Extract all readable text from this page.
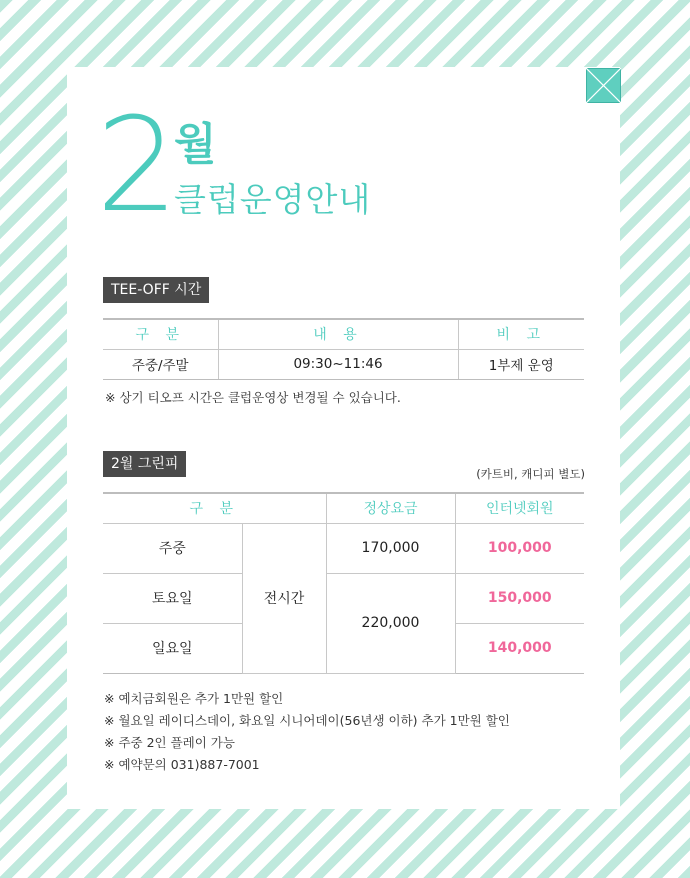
2 월
클럽운영안내
TEE-OFF 시간
구 분	내 용	비 고
주중/주말	09:30~11:46	1부제 운영
※ 상기 티오프 시간은 클럽운영상 변경될 수 있습니다.
2월 그린피
(카트비, 캐디피 별도)
구 분		정상요금	인터넷회원
주중	전시간	170,000	100,000
토요일		220,000	150,000
일요일			140,000
※ 예치금회원은 추가 1만원 할인
※ 월요일 레이디스데이, 화요일 시니어데이(56년생 이하) 추가 1만원 할인
※ 주중 2인 플레이 가능
※ 예약문의 031)887-7001
